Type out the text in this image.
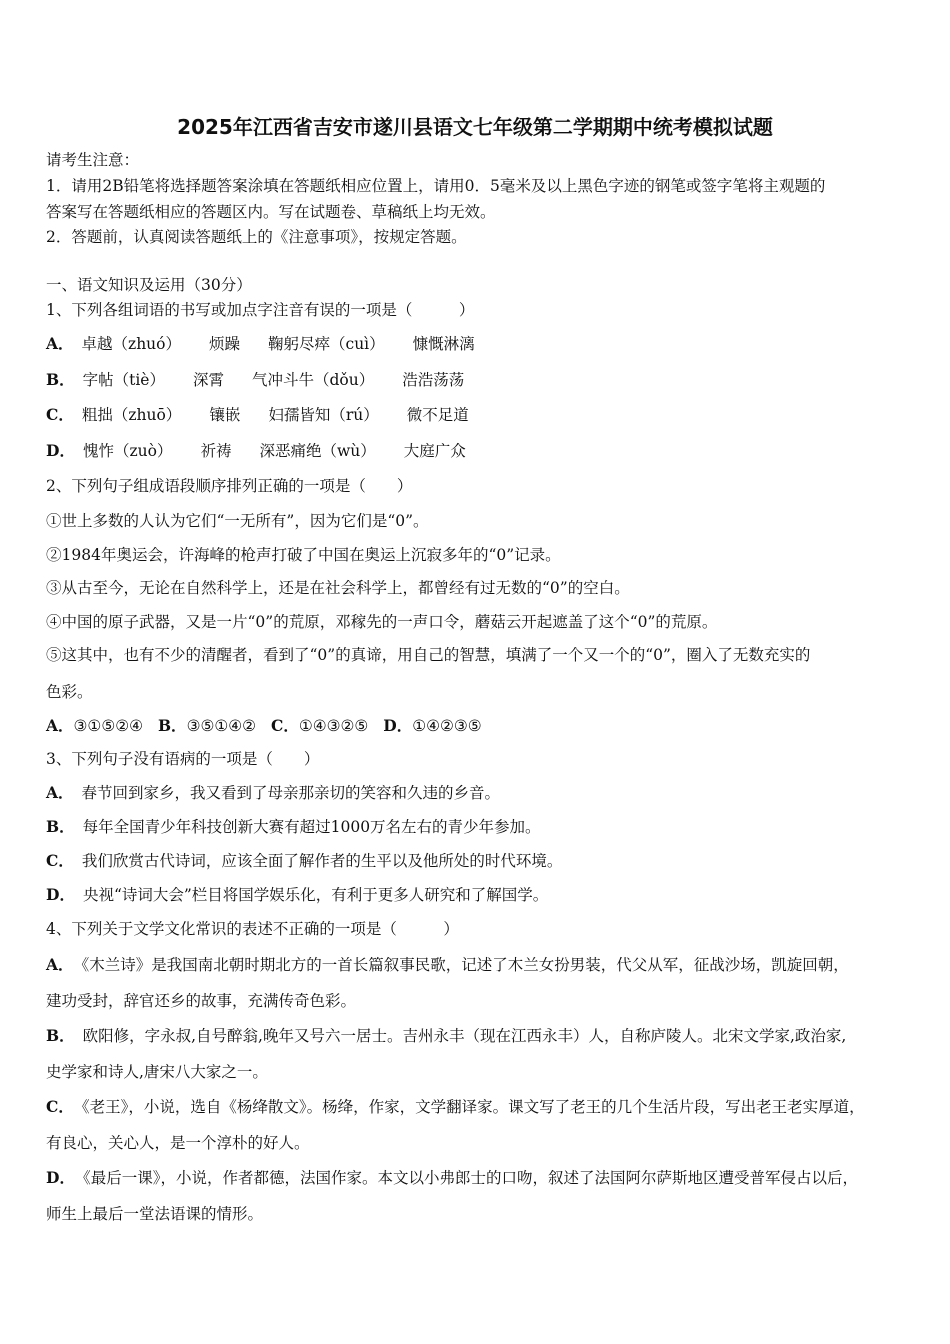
2025年江西省吉安市遂川县语文七年级第二学期期中统考模拟试题
请考生注意：
1．请用2B铅笔将选择题答案涂填在答题纸相应位置上，请用0．5毫米及以上黑色字迹的钢笔或签字笔将主观题的
答案写在答题纸相应的答题区内。写在试题卷、草稿纸上均无效。
2．答题前，认真阅读答题纸上的《注意事项》，按规定答题。
一、语文知识及运用（30分）
1、下列各组词语的书写或加点字注音有误的一项是（　　　）
A． 卓越（zhuó） 烦躁 鞠躬尽瘁（cuì） 慷慨淋漓
B． 字帖（tiè） 深霄 气冲斗牛（dǒu） 浩浩荡荡
C． 粗拙（zhuō） 镶嵌 妇孺皆知（rú） 微不足道
D． 愧怍（zuò） 祈祷 深恶痛绝（wù） 大庭广众
2、下列句子组成语段顺序排列正确的一项是（　　）
①世上多数的人认为它们“一无所有”，因为它们是“0”。
②1984年奥运会，许海峰的枪声打破了中国在奥运上沉寂多年的“0”记录。
③从古至今，无论在自然科学上，还是在社会科学上，都曾经有过无数的“0”的空白。
④中国的原子武器，又是一片“0”的荒原，邓稼先的一声口令，蘑菇云开起遮盖了这个“0”的荒原。
⑤这其中，也有不少的清醒者，看到了“0”的真谛，用自己的智慧，填满了一个又一个的“0”，圈入了无数充实的
色彩。
A．③①⑤②④ B．③⑤①④② C．①④③②⑤ D．①④②③⑤
3、下列句子没有语病的一项是（　　）
A． 春节回到家乡，我又看到了母亲那亲切的笑容和久违的乡音。
B． 每年全国青少年科技创新大赛有超过1000万名左右的青少年参加。
C． 我们欣赏古代诗词，应该全面了解作者的生平以及他所处的时代环境。
D． 央视“诗词大会”栏目将国学娱乐化，有利于更多人研究和了解国学。
4、下列关于文学文化常识的表述不正确的一项是（　　　）
A． 《木兰诗》是我国南北朝时期北方的一首长篇叙事民歌，记述了木兰女扮男装，代父从军，征战沙场，凯旋回朝，
建功受封，辞官还乡的故事，充满传奇色彩。
B． 欧阳修，字永叔,自号醉翁,晚年又号六一居士。吉州永丰（现在江西永丰）人，自称庐陵人。北宋文学家,政治家,
史学家和诗人,唐宋八大家之一。
C． 《老王》，小说，选自《杨绛散文》。杨绛，作家，文学翻译家。课文写了老王的几个生活片段，写出老王老实厚道，
有良心，关心人，是一个淳朴的好人。
D． 《最后一课》，小说，作者都德，法国作家。本文以小弗郎士的口吻，叙述了法国阿尔萨斯地区遭受普军侵占以后，
师生上最后一堂法语课的情形。
